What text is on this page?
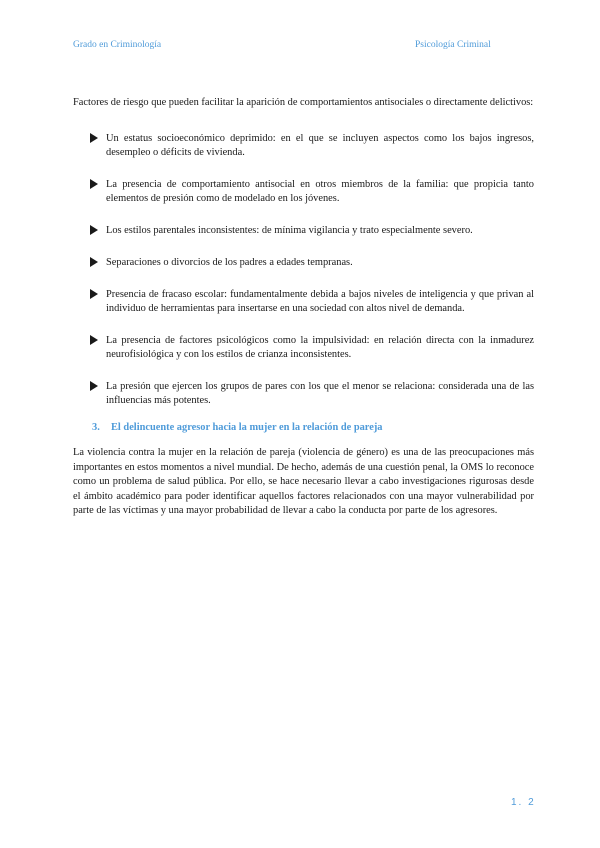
Grado en Criminología	Psicología Criminal

Factores de riesgo que pueden facilitar la aparición de comportamientos antisociales o directamente delictivos:

Un estatus socioeconómico deprimido: en el que se incluyen aspectos como los bajos ingresos, desempleo o déficits de vivienda.
La presencia de comportamiento antisocial en otros miembros de la familia: que propicia tanto elementos de presión como de modelado en los jóvenes.
Los estilos parentales inconsistentes: de mínima vigilancia y trato especialmente severo.
Separaciones o divorcios de los padres a edades tempranas.
Presencia de fracaso escolar: fundamentalmente debida a bajos niveles de inteligencia y que privan al individuo de herramientas para insertarse en una sociedad con altos nivel de demanda.
La presencia de factores psicológicos como la impulsividad: en relación directa con la inmadurez neurofisiológica y con los estilos de crianza inconsistentes.
La presión que ejercen los grupos de pares con los que el menor se relaciona: considerada una de las influencias más potentes.
3. El delincuente agresor hacia la mujer en la relación de pareja

La violencia contra la mujer en la relación de pareja (violencia de género) es una de las preocupaciones más importantes en estos momentos a nivel mundial. De hecho, además de una cuestión penal, la OMS lo reconoce como un problema de salud pública. Por ello, se hace necesario llevar a cabo investigaciones rigurosas desde el ámbito académico para poder identificar aquellos factores relacionados con una mayor vulnerabilidad por parte de las víctimas y una mayor probabilidad de llevar a cabo la conducta por parte de los agresores.

1. 2
